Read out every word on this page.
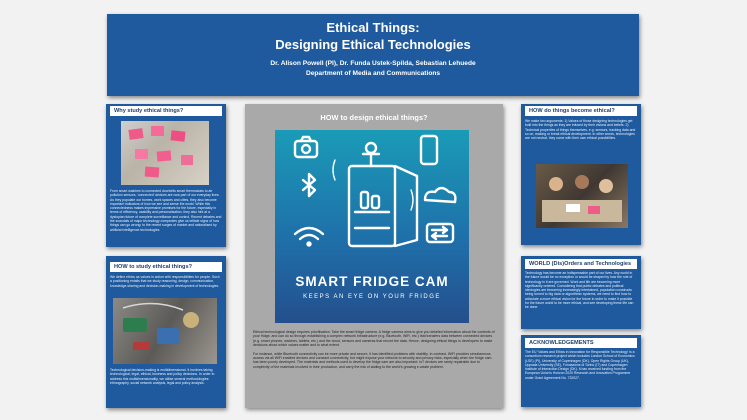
Ethical Things:
Designing Ethical Technologies
Dr. Alison Powell (PI), Dr. Funda Ustek-Spilda, Sebastian Lehuede
Department of Media and Communications
Why study ethical things?
From smart watches to connected doorbells smart thermostats to air pollution sensors, 'connected' devices are now part of our everyday lives. As they populate our homes, work spaces and cities, they also become important indicators of how we see and sense the world. While this connectedness makes impressive promises for the future, especially in terms of efficiency, usability and personalisation, they also hint at a dystopian future of complete surveillance and control. Recent debates and the scandals of major technology companies give us telltale signs of how things can go wrong: to the recent surges of market and rationalised by artificial intelligence technologies.
HOW to study ethical things?
We define ethics as values in action with responsibilities for people. Such a positioning entails that we study reasoning, design, communication, knowledge-sharing and decision-making in development of technologies.
Technological decision-making is multidimensional. It involves taking technological, legal, ethical, business and policy decisions. In order to address this multidimensionality, we utilise several methodologies: ethnography, social network analysis, legal and policy analysis.
HOW to design ethical things?
SMART FRIDGE CAM
KEEPS AN EYE ON YOUR FRIDGE

Ethical technological design requires prioritisation. Take the smart fridge camera. A fridge camera aims to give you detailed information about the contents of your fridge, and can do so through establishing a complex network infrastructure (e.g. Bluetooth, WiFi, etc.) that transfers data between connected devices (e.g. smart phones, watches, tablets, etc.) and the cloud, sensors and cameras that record the data. Hence, designing ethical things in developers to make decisions about which values matter and to what extent.

For instance, while Bluetooth connectivity can be more private and secure, it has identified problems with stability. In contrast, WiFi provides simultaneous access via all WiFi enabled devices and constant connectivity, but might expose your network to security and privacy risks, especially when the fridge cam has been poorly developed. The materials and methods used to develop the fridge cam are also important: IoT devices are rarely repairable due to complexity of the materials involved in their production, and carry the risk of adding to the world's growing e-waste problem.

HOW do things become ethical?
We make two arguments: 1) Values of those designing technologies get built into the things as they are infused by their visions and beliefs. 2) Technical properties of things themselves, e.g. sensors, tracking data and so on, making or break ethical development. In other words, technologies are not neutral, they come with their own ethical possibilities.
WORLD (Dis)Orders and Technologies
Technology has become an indispensable part of our lives. Any world in the future would be no exception or would be shaped by how the role of technology in it are governed. Work and life are becoming more significantly ordered. Considering that public debates and political ideologies are becoming increasingly intertwined, population constructs being turned to big data or algorithmic systems, we need to find how to articulate a more ethical vision for the future in order to make it possible for the future world to be more ethical, and see developing these life can be done.
ACKNOWLEDGEMENTS
The EU 'Values and Ethics in Innovation for Responsible Technology' is a consortium research project which includes London School of Economics (LSE) (PI), University of Copenhagen (DK), Open Rights Group (UK), Uppsala University (SE), Fondazione di Torino (IT) and Copenhagen Institute of Interaction Design (DK). It has received funding from the European Union's Horizon 2020 Research and Innovation Programme under Grant Agreement No. 732027.
